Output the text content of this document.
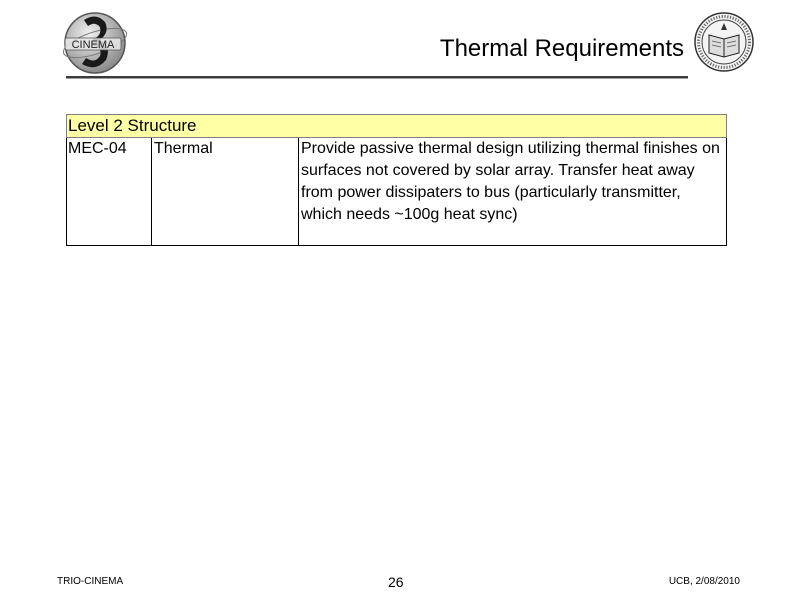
CINEMA	Thermal Requirements
Level 2 Structure
MEC-04 Thermal	Provide passive thermal design utilizing thermal finishes on surfaces not covered by solar array. Transfer heat away from power dissipaters to bus (particularly transmitter, which needs ~100g heat sync)
TRIO-CINEMA	26	UCB, 2/08/2010
